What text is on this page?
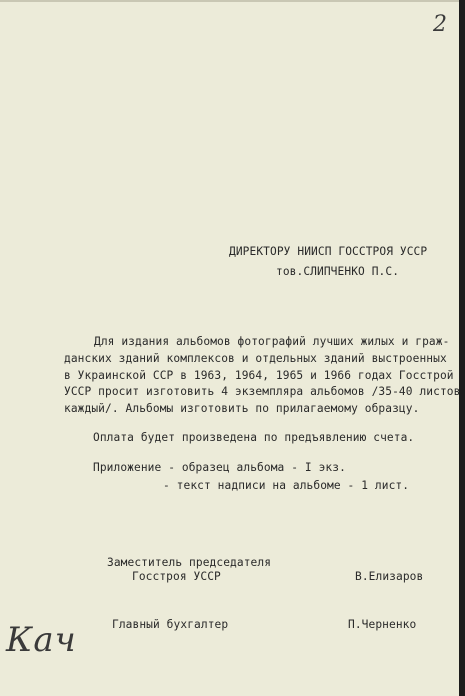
2
ДИРЕКТОРУ НИИСП ГОССТРОЯ УССР
тов.СЛИПЧЕНКО П.С.
Для издания альбомов фотографий лучших жилых и граж-
данских зданий комплексов и отдельных зданий выстроенных
в Украинской ССР в 1963, 1964, 1965 и 1966 годах Госстрой
УССР просит изготовить 4 экземпляра альбомов /35-40 листов
каждый/. Альбомы изготовить по прилагаемому образцу.
Оплата будет произведена по предъявлению счета.
Приложение - образец альбома - I экз.
- текст надписи на альбоме - 1 лист.
Заместитель председателя
Госстроя УССР	В.Елизаров
Главный бухгалтер	П.Черненко
Кач
